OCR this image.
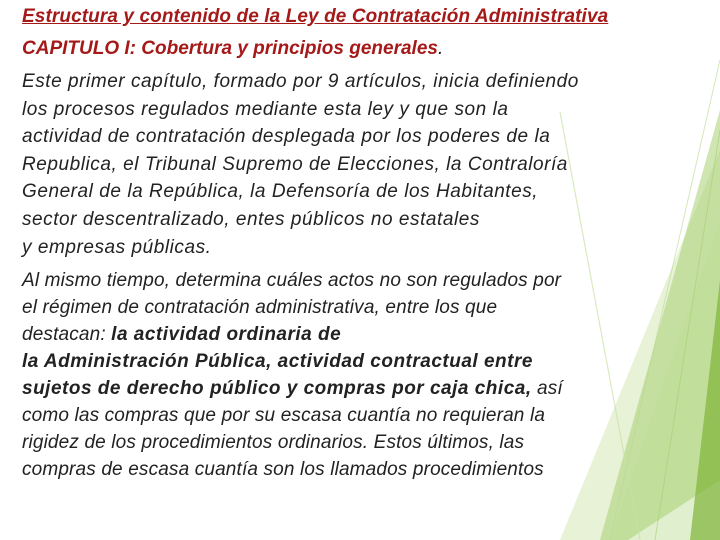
Estructura y contenido de la Ley de Contratación Administrativa

CAPITULO I: Cobertura y principios generales.

Este primer capítulo, formado por 9 artículos, inicia definiendo
los procesos regulados mediante esta ley y que son la
actividad de contratación desplegada por los poderes de la
Republica, el Tribunal Supremo de Elecciones, la Contraloría
General de la República, la Defensoría de los Habitantes,
sector descentralizado, entes públicos no estatales
y empresas públicas.

Al mismo tiempo, determina cuáles actos no son regulados por
el régimen de contratación administrativa, entre los que
destacan: la actividad ordinaria de
la Administración Pública, actividad contractual entre
sujetos de derecho público y compras por caja chica, así
como las compras que por su escasa cuantía no requieran la
rigidez de los procedimientos ordinarios. Estos últimos, las
compras de escasa cuantía son los llamados procedimientos
